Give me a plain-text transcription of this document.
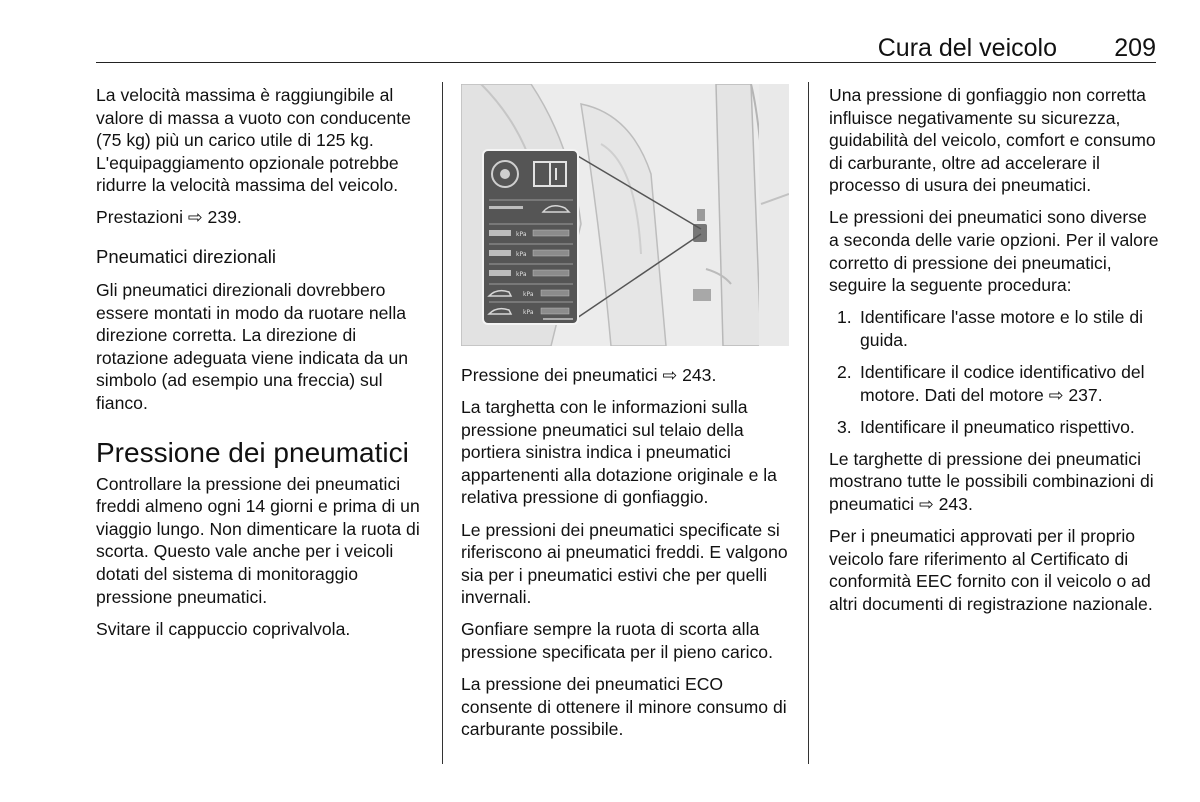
Cura del veicolo 209

La velocità massima è raggiungibile al valore di massa a vuoto con conducente (75 kg) più un carico utile di 125 kg. L'equipaggiamento opzionale potrebbe ridurre la velocità massima del veicolo.

Prestazioni ⇨ 239.

Pneumatici direzionali

Gli pneumatici direzionali dovrebbero essere montati in modo da ruotare nella direzione corretta. La direzione di rotazione adeguata viene indicata da un simbolo (ad esempio una freccia) sul fianco.

Pressione dei pneumatici

Controllare la pressione dei pneumatici freddi almeno ogni 14 giorni e prima di un viaggio lungo. Non dimenticare la ruota di scorta. Questo vale anche per i veicoli dotati del sistema di monitoraggio pressione pneumatici.

Svitare il cappuccio coprivalvola.

kPa
kPa
kPa
kPa
kPa

Pressione dei pneumatici ⇨ 243.

La targhetta con le informazioni sulla pressione pneumatici sul telaio della portiera sinistra indica i pneumatici appartenenti alla dotazione originale e la relativa pressione di gonfiaggio.

Le pressioni dei pneumatici specificate si riferiscono ai pneumatici freddi. E valgono sia per i pneumatici estivi che per quelli invernali.

Gonfiare sempre la ruota di scorta alla pressione specificata per il pieno carico.

La pressione dei pneumatici ECO consente di ottenere il minore consumo di carburante possibile.

Una pressione di gonfiaggio non corretta influisce negativamente su sicurezza, guidabilità del veicolo, comfort e consumo di carburante, oltre ad accelerare il processo di usura dei pneumatici.

Le pressioni dei pneumatici sono diverse a seconda delle varie opzioni. Per il valore corretto di pressione dei pneumatici, seguire la seguente procedura:

1. Identificare l'asse motore e lo stile di guida.
2. Identificare il codice identificativo del motore. Dati del motore ⇨ 237.
3. Identificare il pneumatico rispettivo.

Le targhette di pressione dei pneumatici mostrano tutte le possibili combinazioni di pneumatici ⇨ 243.

Per i pneumatici approvati per il proprio veicolo fare riferimento al Certificato di conformità EEC fornito con il veicolo o ad altri documenti di registrazione nazionale.
